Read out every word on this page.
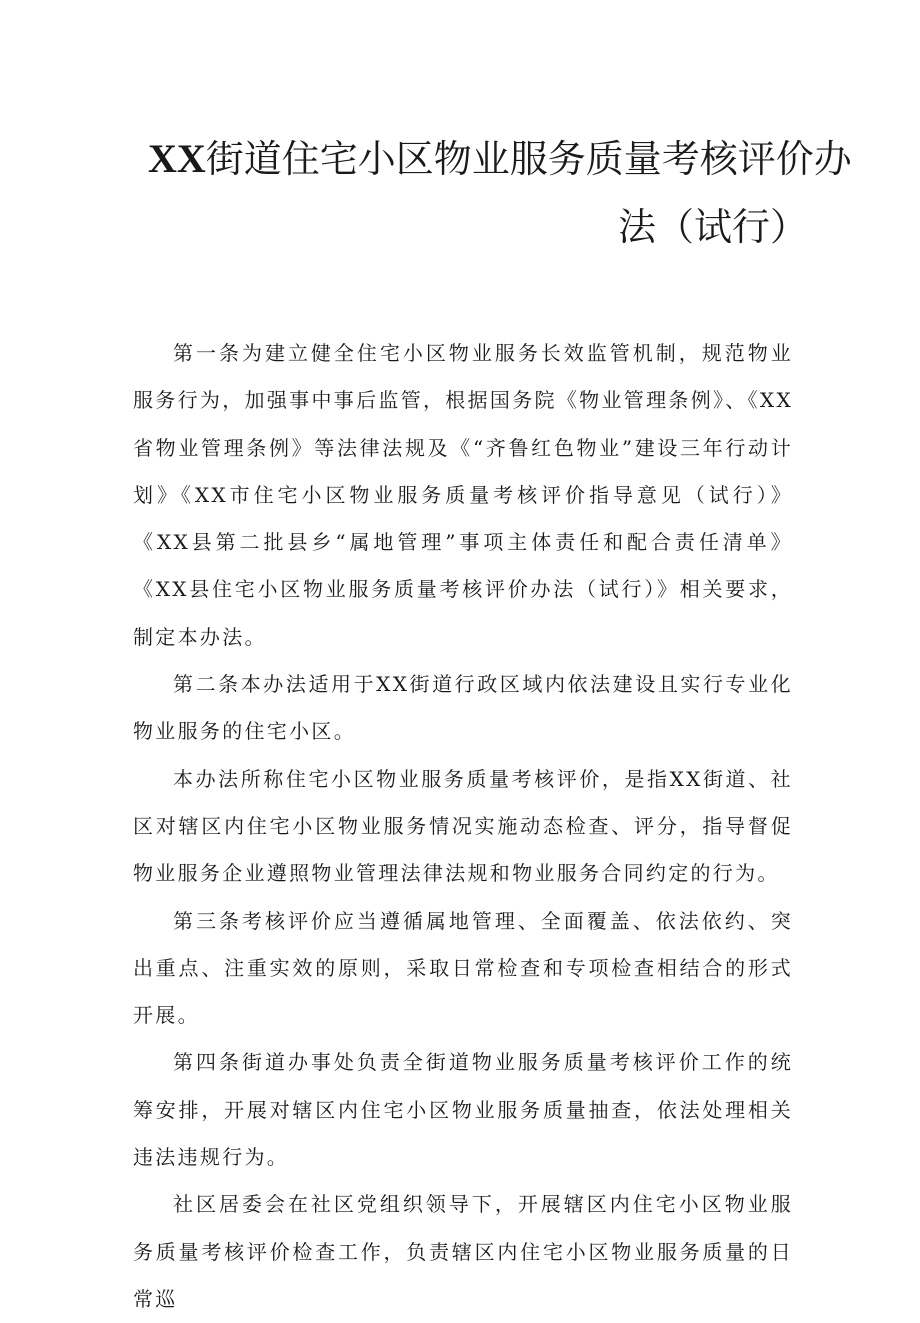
XX街道住宅小区物业服务质量考核评价办
法（试行）

第一条为建立健全住宅小区物业服务长效监管机制，规范物业服务行为，加强事中事后监管，根据国务院《物业管理条例》、《XX省物业管理条例》等法律法规及《“齐鲁红色物业”建设三年行动计划》《XX市住宅小区物业服务质量考核评价指导意见（试行）》《XX县第二批县乡“属地管理”事项主体责任和配合责任清单》《XX县住宅小区物业服务质量考核评价办法（试行）》相关要求，制定本办法。

第二条本办法适用于XX街道行政区域内依法建设且实行专业化物业服务的住宅小区。

本办法所称住宅小区物业服务质量考核评价，是指XX街道、社区对辖区内住宅小区物业服务情况实施动态检查、评分，指导督促物业服务企业遵照物业管理法律法规和物业服务合同约定的行为。

第三条考核评价应当遵循属地管理、全面覆盖、依法依约、突出重点、注重实效的原则，采取日常检查和专项检查相结合的形式开展。

第四条街道办事处负责全街道物业服务质量考核评价工作的统筹安排，开展对辖区内住宅小区物业服务质量抽查，依法处理相关违法违规行为。

社区居委会在社区党组织领导下，开展辖区内住宅小区物业服务质量考核评价检查工作，负责辖区内住宅小区物业服务质量的日常巡
